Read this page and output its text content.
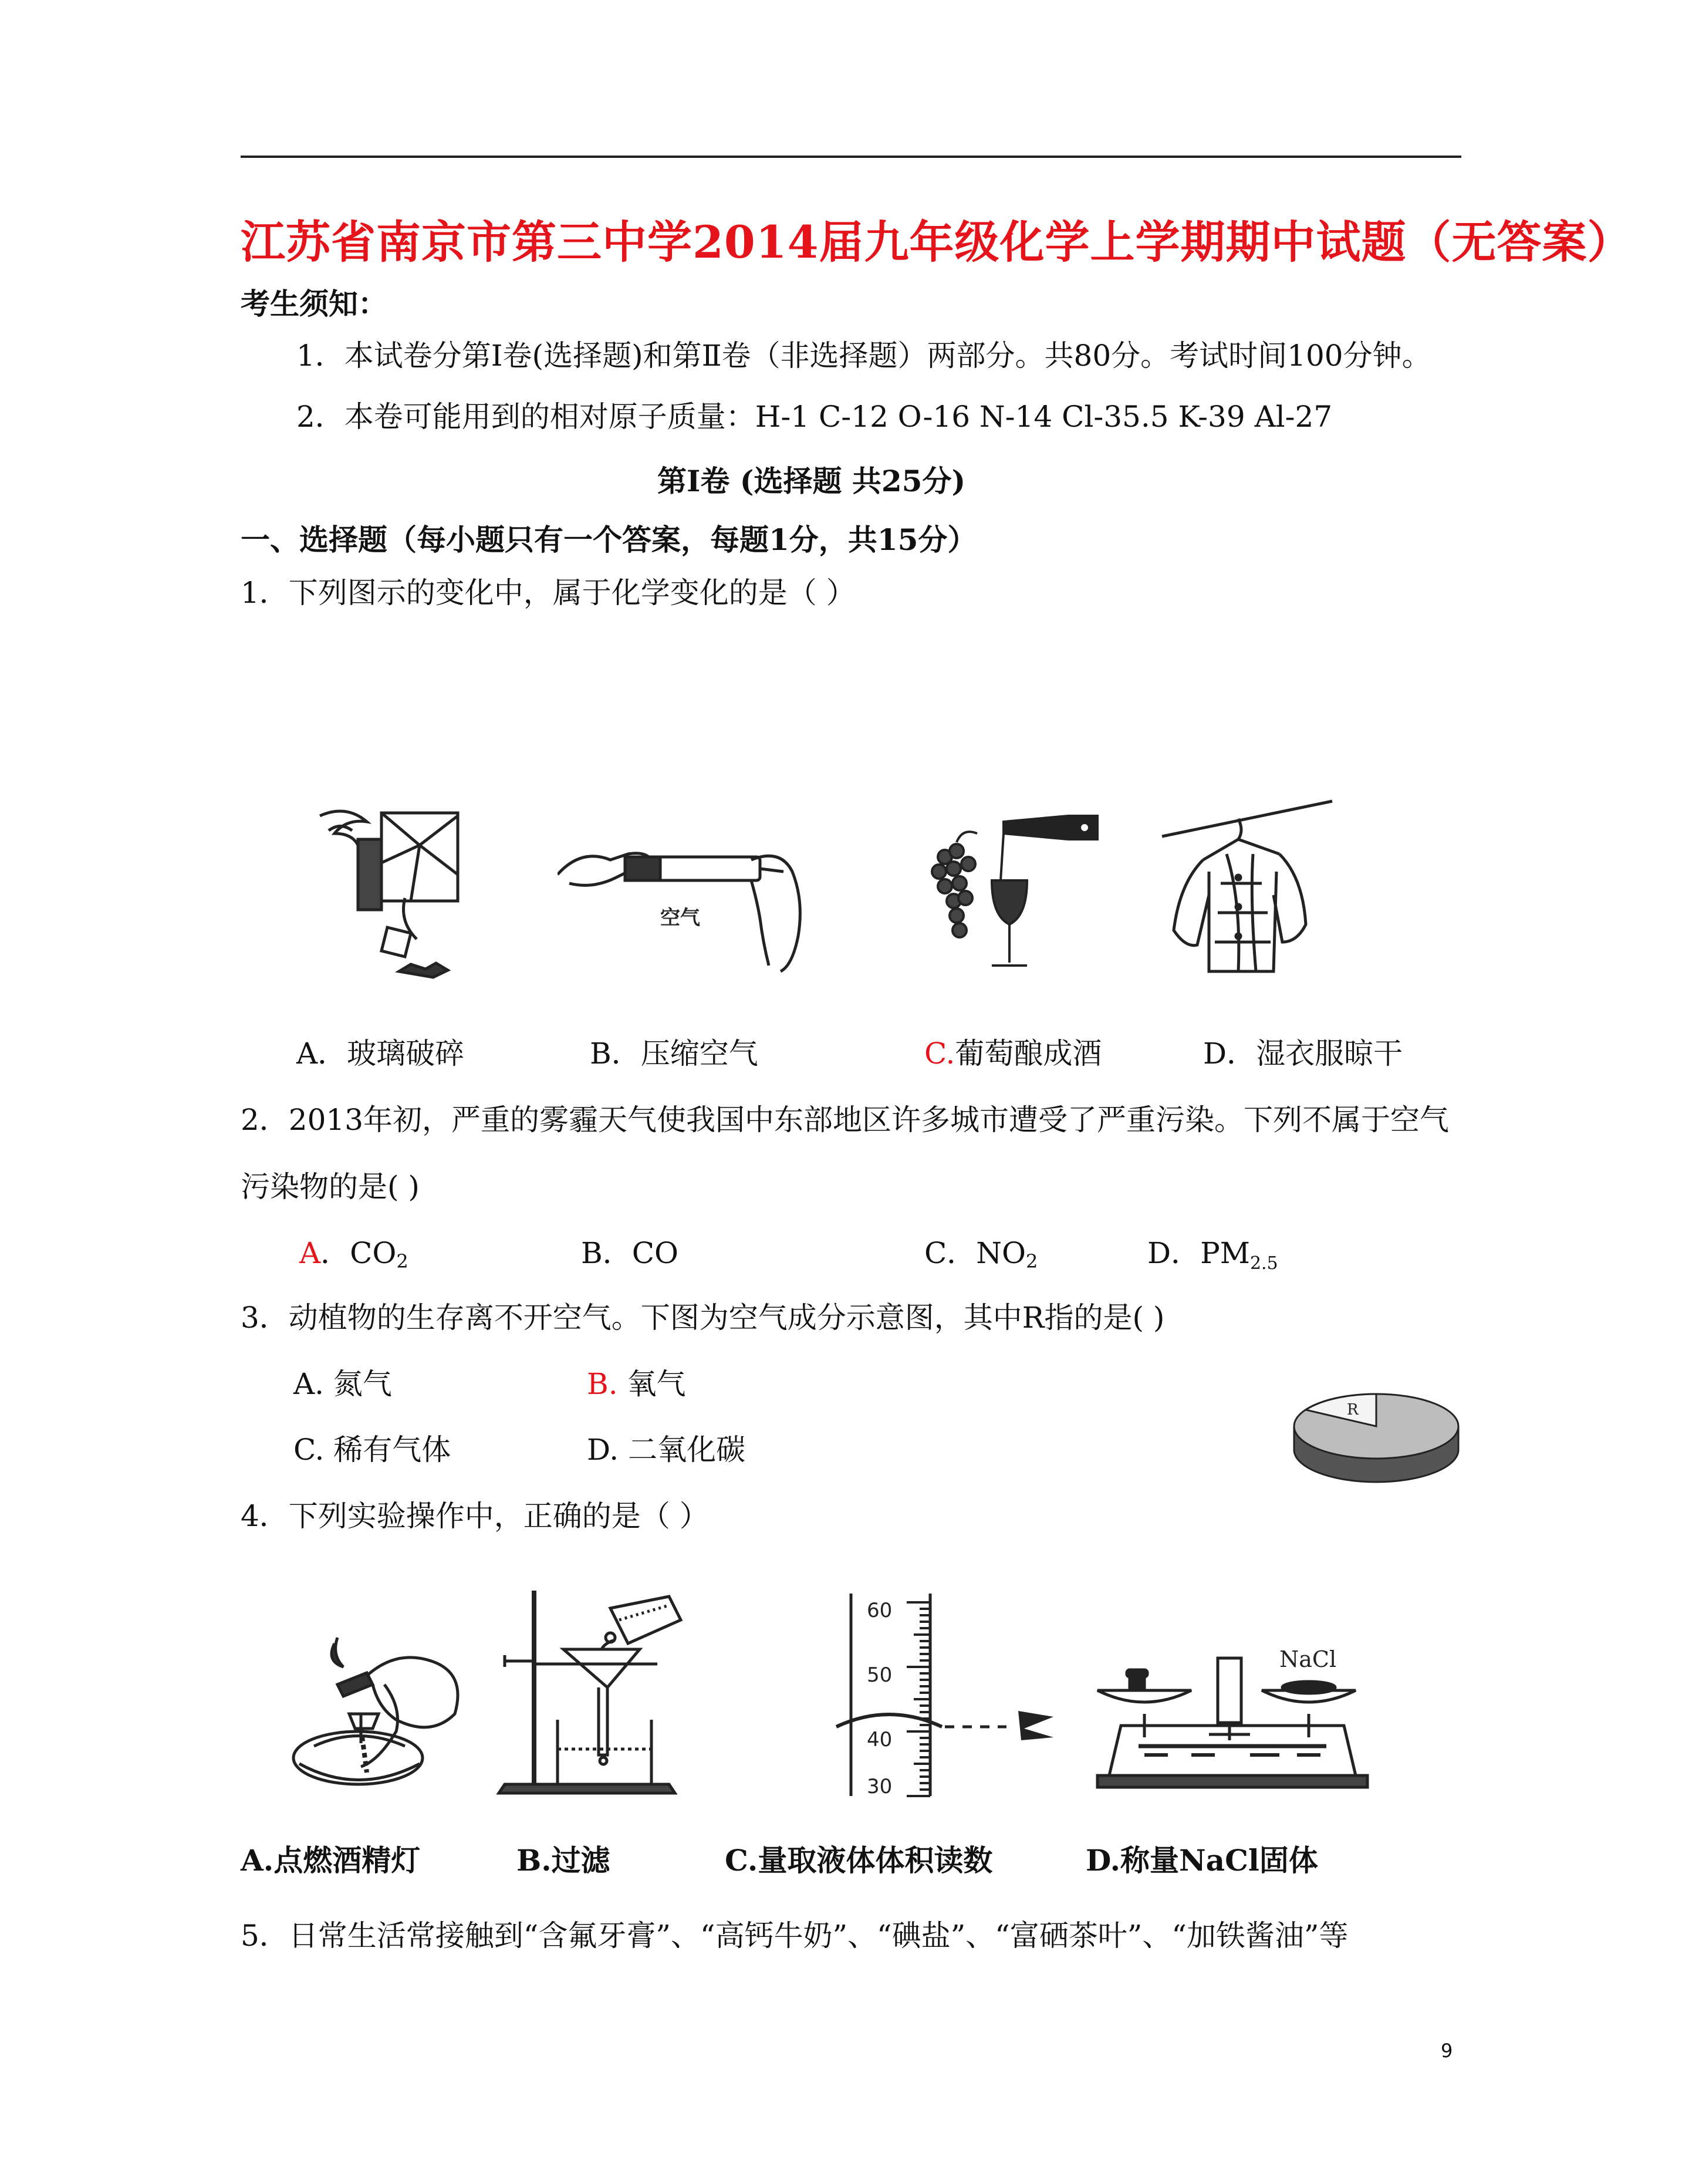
江苏省南京市第三中学2014届九年级化学上学期期中试题（无答案）
考生须知：
1．本试卷分第Ⅰ卷(选择题)和第Ⅱ卷（非选择题）两部分。共80分。考试时间100分钟。
2．本卷可能用到的相对原子质量：H-1 C-12 O-16 N-14 Cl-35.5 K-39 Al-27
第Ⅰ卷 (选择题 共25分)
一、选择题（每小题只有一个答案，每题1分，共15分）
1．下列图示的变化中，属于化学变化的是（ ）
空气
A．玻璃破碎	B．压缩空气	C.葡萄酿成酒	D．湿衣服晾干
2．2013年初，严重的雾霾天气使我国中东部地区许多城市遭受了严重污染。下列不属于空气
污染物的是( )
A．$CO_2$	B．CO	C．$NO_2$	D．$PM_{2.5}$
3．动植物的生存离不开空气。下图为空气成分示意图，其中R指的是( )
A. 氮气	B. 氧气
C. 稀有气体	D. 二氧化碳
R
4．下列实验操作中，正确的是（ ）
60
50
40
30
NaCl
A.点燃酒精灯	B.过滤	C.量取液体体积读数	D.称量NaCl固体
5．日常生活常接触到“含氟牙膏”、“高钙牛奶”、“碘盐”、“富硒茶叶”、“加铁酱油”等
9
